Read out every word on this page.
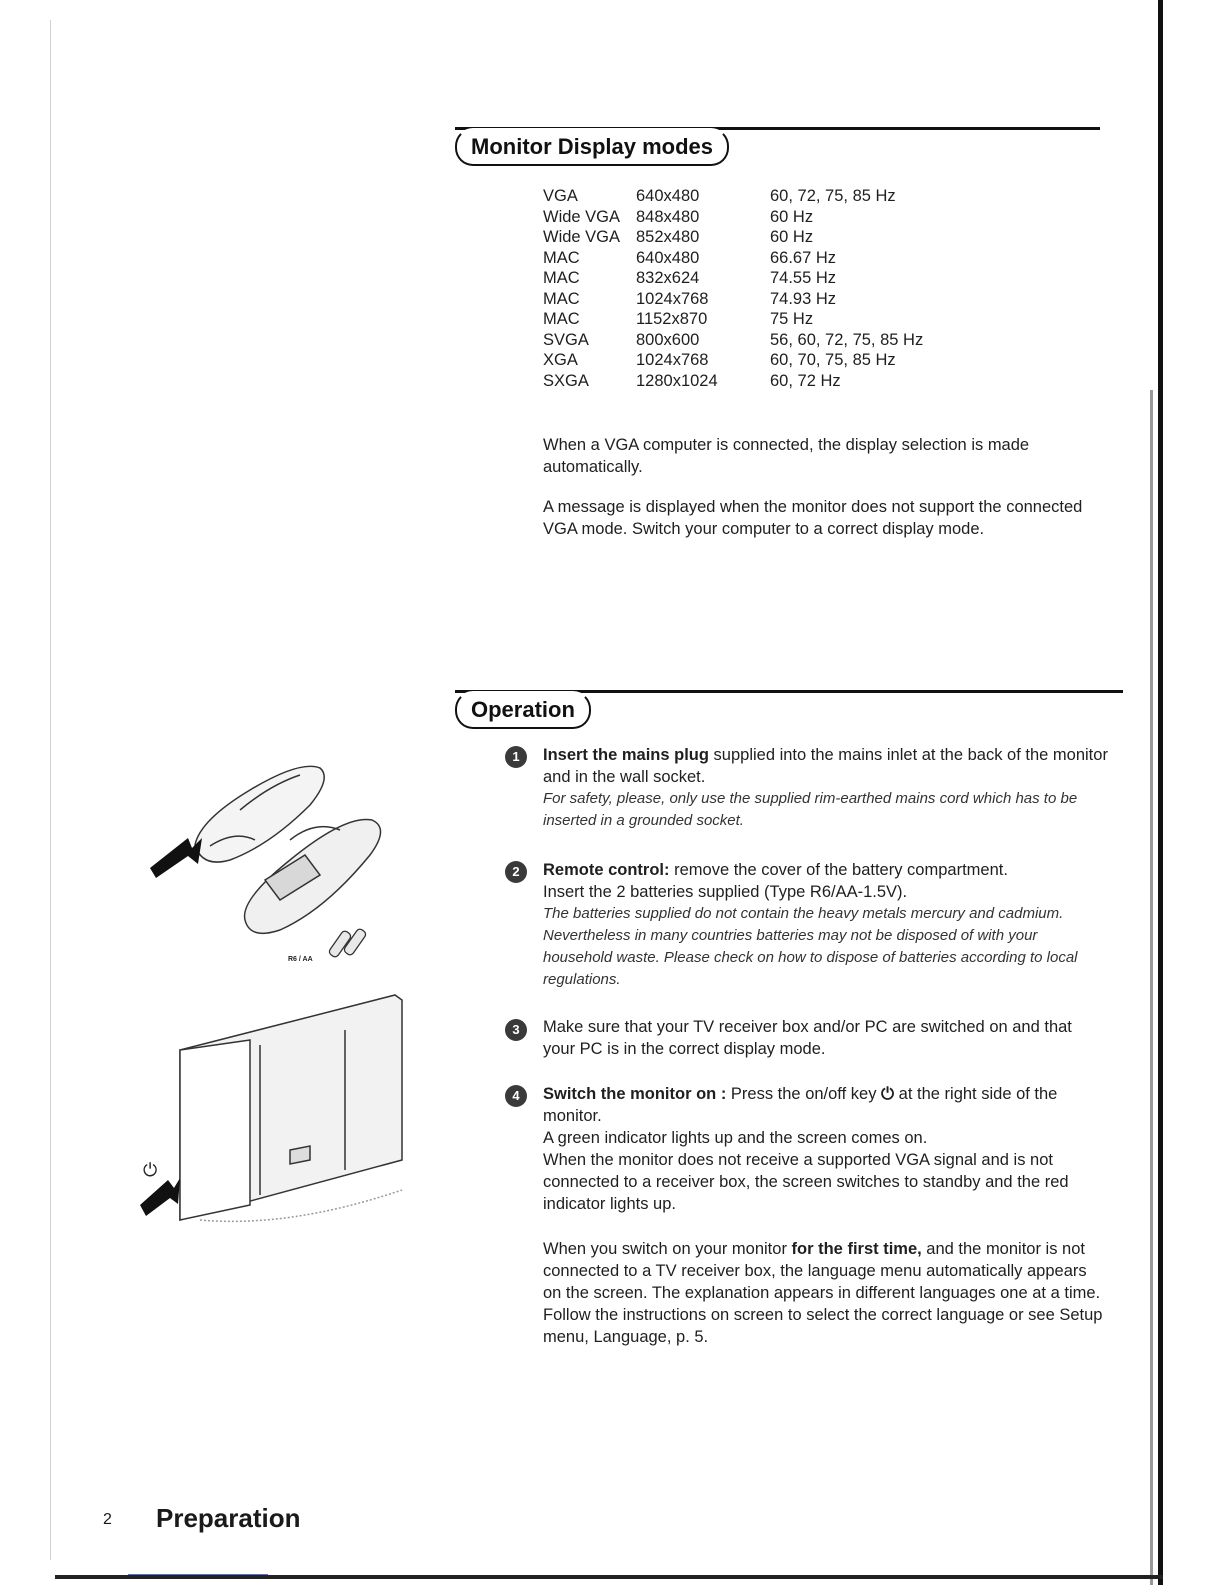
Monitor Display modes
VGA	640x480	60, 72, 75, 85 Hz
Wide VGA 848x480	60 Hz
Wide VGA 852x480	60 Hz
MAC	640x480	66.67 Hz
MAC	832x624	74.55 Hz
MAC	1024x768	74.93 Hz
MAC	1152x870	75 Hz
SVGA	800x600	56, 60, 72, 75, 85 Hz
XGA	1024x768	60, 70, 75, 85 Hz
SXGA	1280x1024	60, 72 Hz
When a VGA computer is connected, the display selection is made automatically.
A message is displayed when the monitor does not support the connected VGA mode. Switch your computer to a correct display mode.
Operation
1	Insert the mains plug supplied into the mains inlet at the back of the monitor and in the wall socket.
For safety, please, only use the supplied rim-earthed mains cord which has to be inserted in a grounded socket.
2	Remote control: remove the cover of the battery compartment.
Insert the 2 batteries supplied (Type R6/AA-1.5V).
The batteries supplied do not contain the heavy metals mercury and cadmium. Nevertheless in many countries batteries may not be disposed of with your household waste. Please check on how to dispose of batteries according to local regulations.
3	Make sure that your TV receiver box and/or PC are switched on and that your PC is in the correct display mode.
4	Switch the monitor on : Press the on/off key ⏻ at the right side of the monitor.
A green indicator lights up and the screen comes on.
When the monitor does not receive a supported VGA signal and is not connected to a receiver box, the screen switches to standby and the red indicator lights up.
When you switch on your monitor for the first time, and the monitor is not connected to a TV receiver box, the language menu automatically appears on the screen. The explanation appears in different languages one at a time.
Follow the instructions on screen to select the correct language or see Setup menu, Language, p. 5.
R6 / AA
⏻
2 Preparation
